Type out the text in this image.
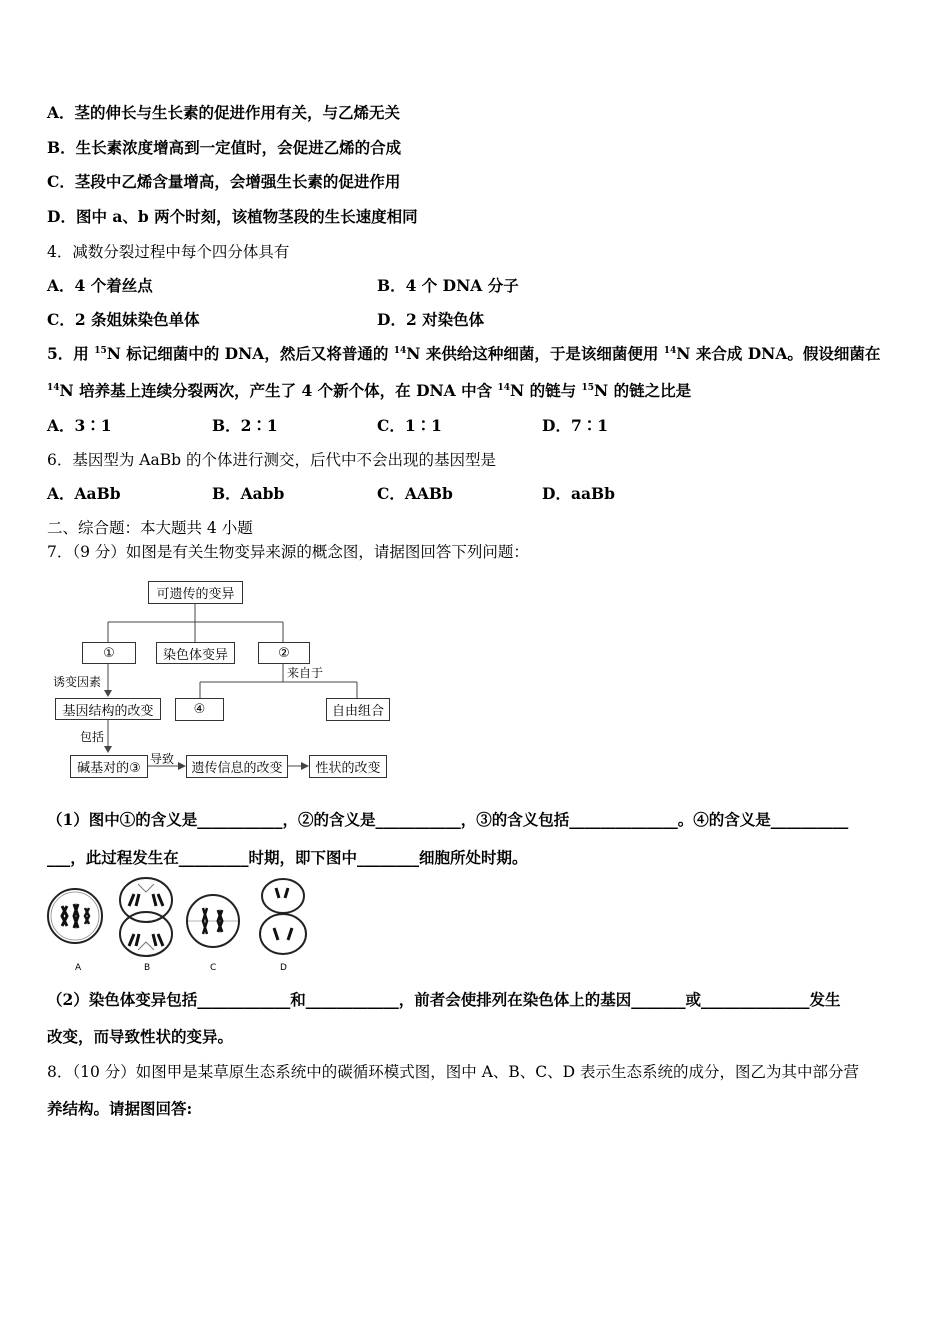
A．茎的伸长与生长素的促进作用有关，与乙烯无关
B．生长素浓度增高到一定值时，会促进乙烯的合成
C．茎段中乙烯含量增高，会增强生长素的促进作用
D．图中 a、b 两个时刻，该植物茎段的生长速度相同
4．减数分裂过程中每个四分体具有
A．4 个着丝点	B．4 个 DNA 分子
C．2 条姐妹染色单体	D．2 对染色体
5．用 $^{15}$N 标记细菌中的 DNA，然后又将普通的 $^{14}$N 来供给这种细菌，于是该细菌便用 $^{14}$N 来合成 DNA。假设细菌在
$^{14}$N 培养基上连续分裂两次，产生了 4 个新个体，在 DNA 中含 $^{14}$N 的链与 $^{15}$N 的链之比是
A．3∶1	B．2∶1	C．1∶1	D．7∶1
6．基因型为 AaBb 的个体进行测交，后代中不会出现的基因型是
A．AaBb	B．Aabb	C．AABb	D．aaBb
二、综合题：本大题共 4 小题
7．（9 分）如图是有关生物变异来源的概念图，请据图回答下列问题：
可遗传的变异
①	染色体变异	②
来自于
诱变因素
④	自由组合
基因结构的改变
包括
碱基对的③
导致
遗传信息的改变	性状的改变
（1）图中①的含义是___________，②的含义是___________，③的含义包括______________。④的含义是__________
___，此过程发生在_________时期，即下图中________细胞所处时期。
A	B	C	D
（2）染色体变异包括____________和____________，前者会使排列在染色体上的基因_______或______________发生
改变，而导致性状的变异。
8．（10 分）如图甲是某草原生态系统中的碳循环模式图，图中 A、B、C、D 表示生态系统的成分，图乙为其中部分营
养结构。请据图回答:
